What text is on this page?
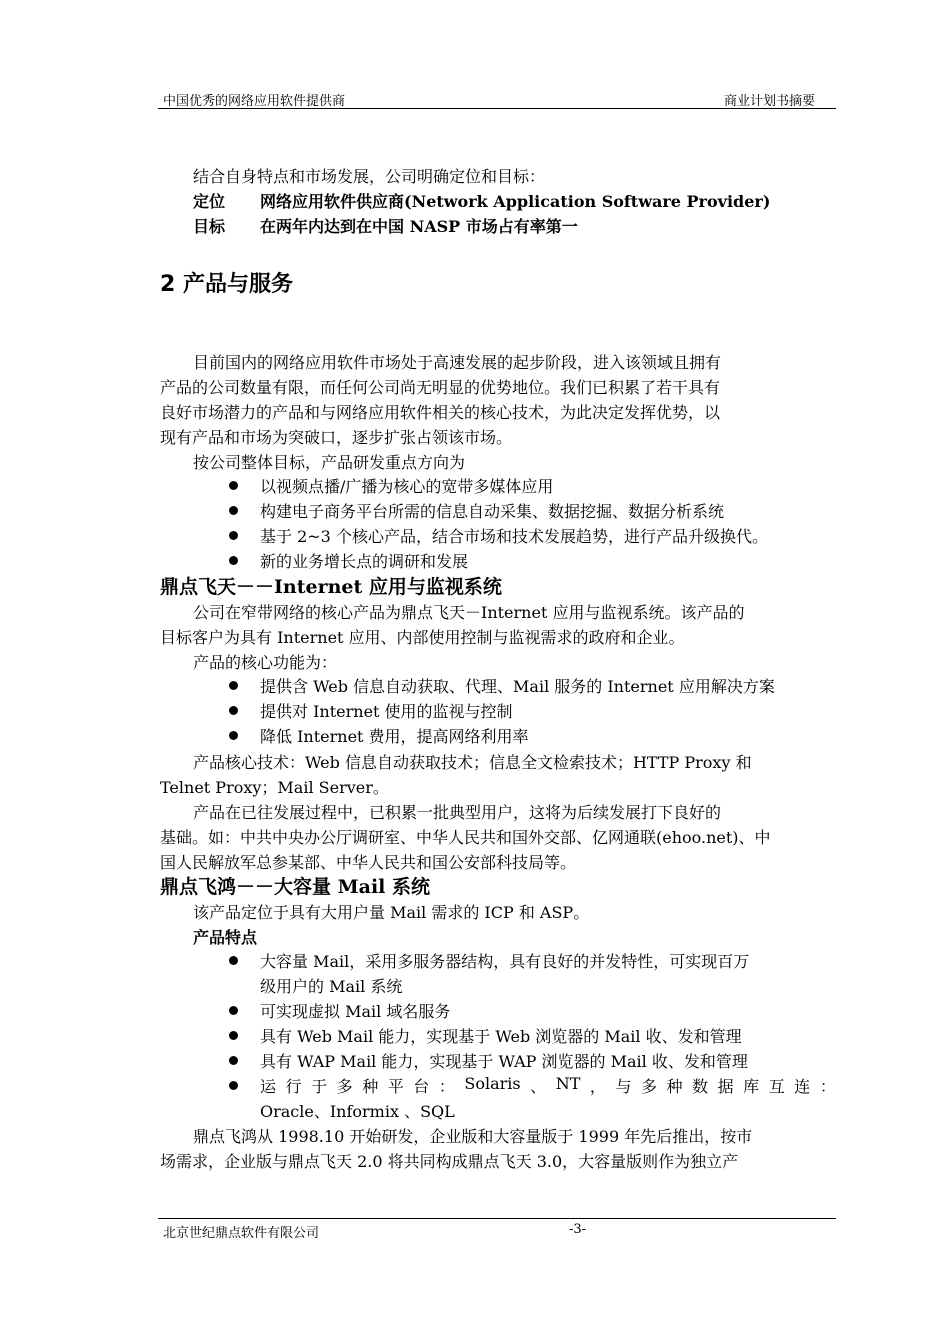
中国优秀的网络应用软件提供商	商业计划书摘要
结合自身特点和市场发展，公司明确定位和目标：
定位 网络应用软件供应商(Network Application Software Provider)
目标 在两年内达到在中国 NASP 市场占有率第一
2 产品与服务
目前国内的网络应用软件市场处于高速发展的起步阶段，进入该领域且拥有
产品的公司数量有限，而任何公司尚无明显的优势地位。我们已积累了若干具有
良好市场潜力的产品和与网络应用软件相关的核心技术，为此决定发挥优势，以
现有产品和市场为突破口，逐步扩张占领该市场。
按公司整体目标，产品研发重点方向为
以视频点播/广播为核心的宽带多媒体应用
构建电子商务平台所需的信息自动采集、数据挖掘、数据分析系统
基于 2~3 个核心产品，结合市场和技术发展趋势，进行产品升级换代。
新的业务增长点的调研和发展
鼎点飞天－－Internet 应用与监视系统
公司在窄带网络的核心产品为鼎点飞天－Internet 应用与监视系统。该产品的
目标客户为具有 Internet 应用、内部使用控制与监视需求的政府和企业。
产品的核心功能为：
提供含 Web 信息自动获取、代理、Mail 服务的 Internet 应用解决方案
提供对 Internet 使用的监视与控制
降低 Internet 费用，提高网络利用率
产品核心技术：Web 信息自动获取技术；信息全文检索技术；HTTP Proxy 和
Telnet Proxy；Mail Server。
产品在已往发展过程中，已积累一批典型用户，这将为后续发展打下良好的
基础。如：中共中央办公厅调研室、中华人民共和国外交部、亿网通联(ehoo.net)、中
国人民解放军总参某部、中华人民共和国公安部科技局等。
鼎点飞鸿－－大容量 Mail 系统
该产品定位于具有大用户量 Mail 需求的 ICP 和 ASP。
产品特点
大容量 Mail，采用多服务器结构，具有良好的并发特性，可实现百万
级用户的 Mail 系统
可实现虚拟 Mail 域名服务
具有 Web Mail 能力，实现基于 Web 浏览器的 Mail 收、发和管理
具有 WAP Mail 能力，实现基于 WAP 浏览器的 Mail 收、发和管理
运 行 于 多 种 平 台 ： Solaris 、 NT ， 与 多 种 数 据 库 互 连 ：
Oracle、Informix 、SQL
鼎点飞鸿从 1998.10 开始研发，企业版和大容量版于 1999 年先后推出，按市
场需求，企业版与鼎点飞天 2.0 将共同构成鼎点飞天 3.0，大容量版则作为独立产
北京世纪鼎点软件有限公司	-3-
